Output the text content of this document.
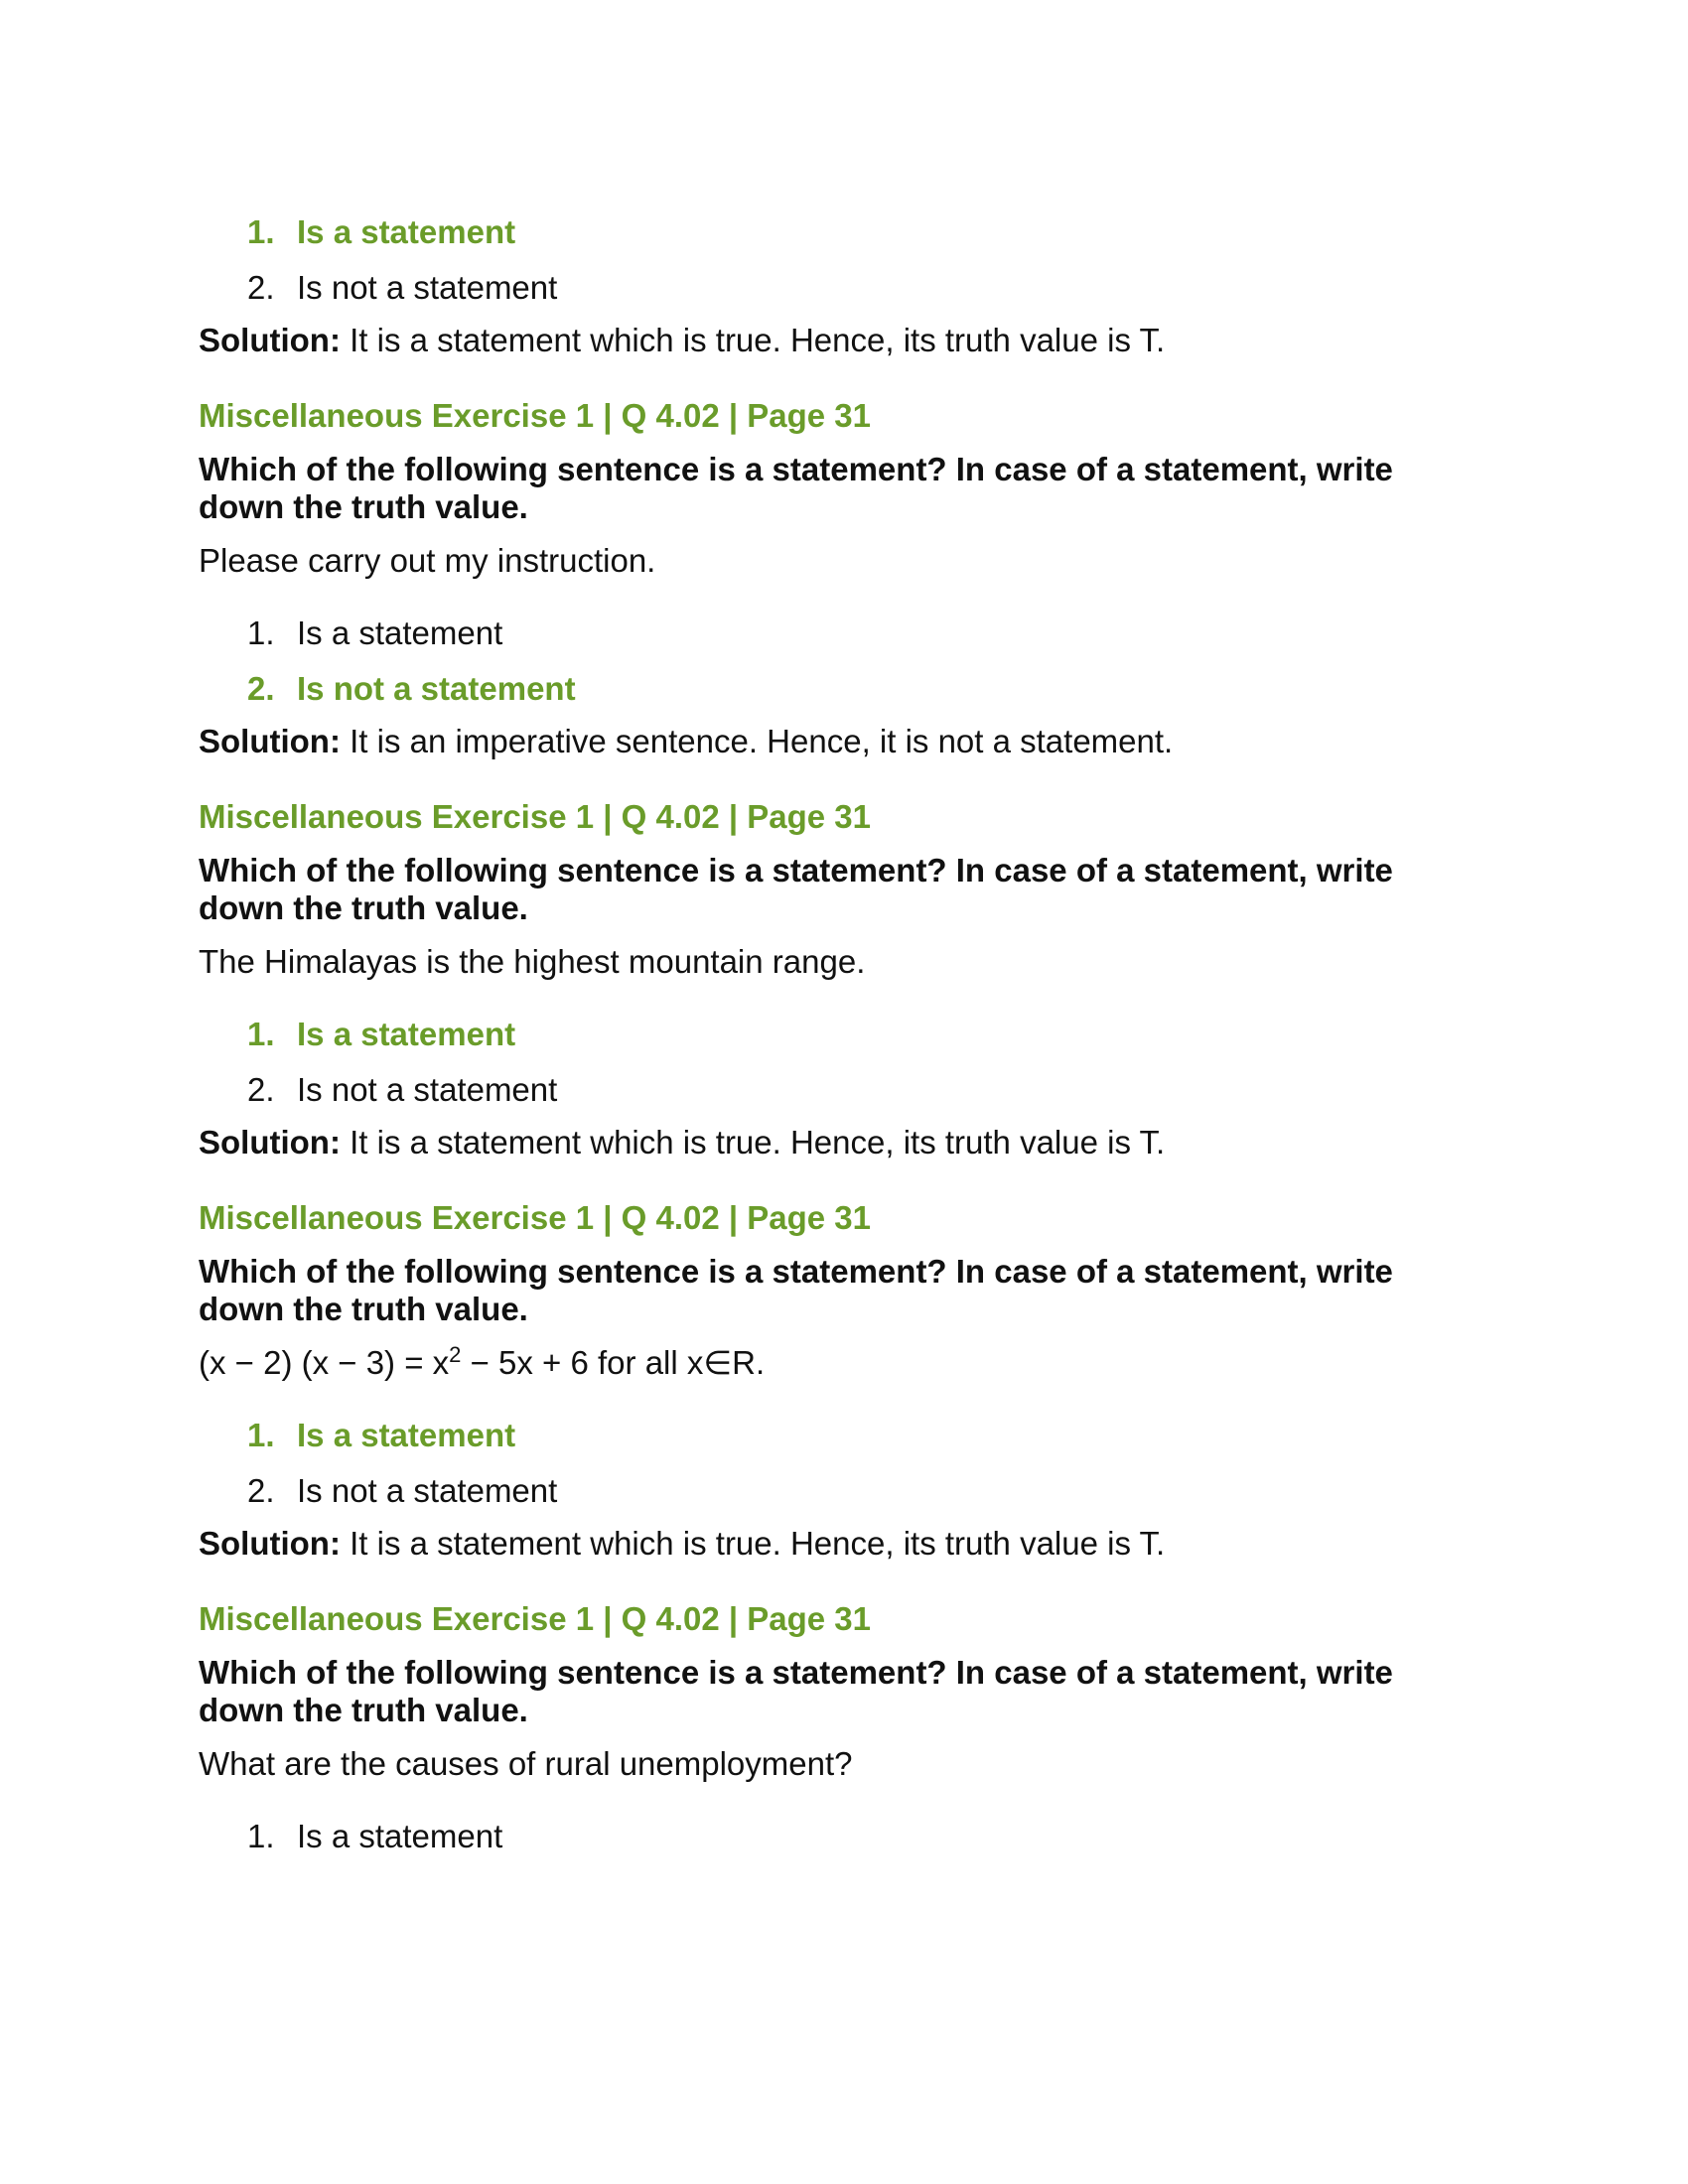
1. Is a statement
2. Is not a statement
Solution: It is a statement which is true. Hence, its truth value is T.
Miscellaneous Exercise 1 | Q 4.02 | Page 31
Which of the following sentence is a statement? In case of a statement, write down the truth value.
Please carry out my instruction.
1. Is a statement
2. Is not a statement
Solution: It is an imperative sentence. Hence, it is not a statement.
Miscellaneous Exercise 1 | Q 4.02 | Page 31
Which of the following sentence is a statement? In case of a statement, write down the truth value.
The Himalayas is the highest mountain range.
1. Is a statement
2. Is not a statement
Solution: It is a statement which is true. Hence, its truth value is T.
Miscellaneous Exercise 1 | Q 4.02 | Page 31
Which of the following sentence is a statement? In case of a statement, write down the truth value.
(x − 2) $(x - 3) = x^2 - 5x + 6$ for all x∈R.
1. Is a statement
2. Is not a statement
Solution: It is a statement which is true. Hence, its truth value is T.
Miscellaneous Exercise 1 | Q 4.02 | Page 31
Which of the following sentence is a statement? In case of a statement, write down the truth value.
What are the causes of rural unemployment?
1. Is a statement
